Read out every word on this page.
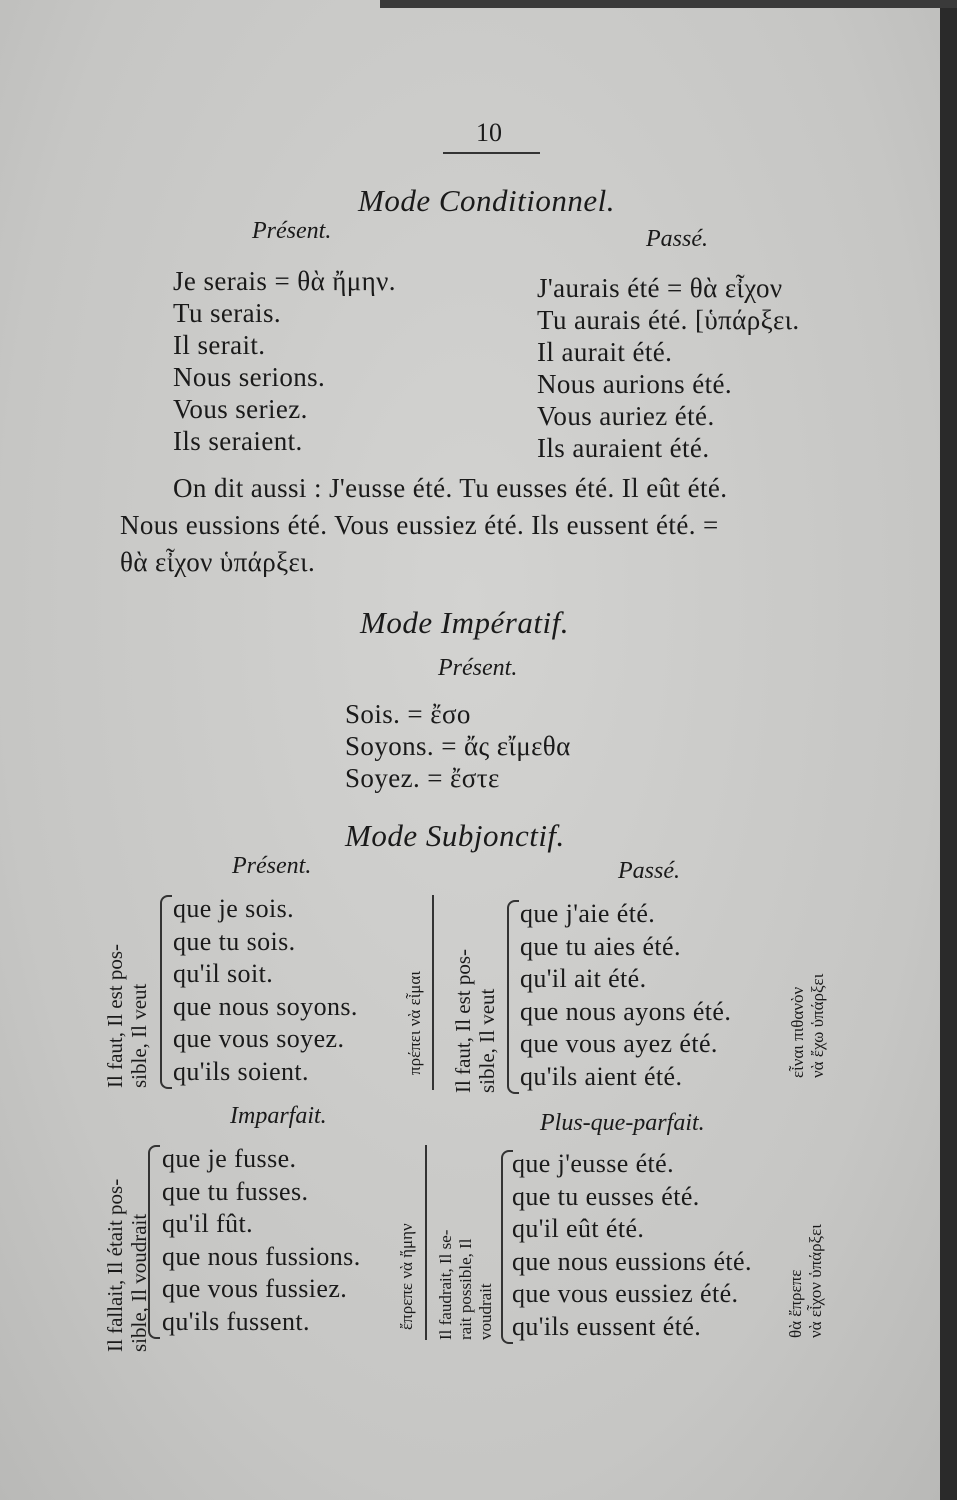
10
Mode Conditionnel.
Présent.	Passé.
Je serais = θὰ ἤμην.
Tu serais.
Il serait.
Nous serions.
Vous seriez.
Ils seraient.
J'aurais été = θὰ εἶχον
Tu aurais été. [ὑπάρξει.
Il aurait été.
Nous aurions été.
Vous auriez été.
Ils auraient été.
On dit aussi : J'eusse été. Tu eusses été. Il eût été.
Nous eussions été. Vous eussiez été. Ils eussent été. =
θὰ εἶχον ὑπάρξει.
Mode Impératif.
Présent.
Sois. = ἔσο
Soyons. = ἄς εἴμεθα
Soyez. = ἔστε
Mode Subjonctif.
Présent.
Il faut, Il est pos- sible, Il veut
que je sois.
que tu sois.
qu'il soit.
que nous soyons.
que vous soyez.
qu'ils soient.	πρέπει νὰ εἶμαι
Passé.
Il faut, Il est pos- sible, Il veut
que j'aie été.
que tu aies été.
qu'il ait été.
que nous ayons été.
que vous ayez été.
qu'ils aient été.	εἶναι πιθανὸν νὰ ἔχω ὑπάρξει
Imparfait.
Il fallait, Il était pos- sible, Il voudrait
que je fusse.
que tu fusses.
qu'il fût.
que nous fussions.
que vous fussiez.
qu'ils fussent.	ἔπρεπε νὰ ἤμην
Plus-que-parfait.
Il faudrait, Il se- rait possible, Il voudrait
que j'eusse été.
que tu eusses été.
qu'il eût été.
que nous eussions été.
que vous eussiez été.
qu'ils eussent été.	θὰ ἔπρεπε νὰ εἶχον ὑπάρξει
